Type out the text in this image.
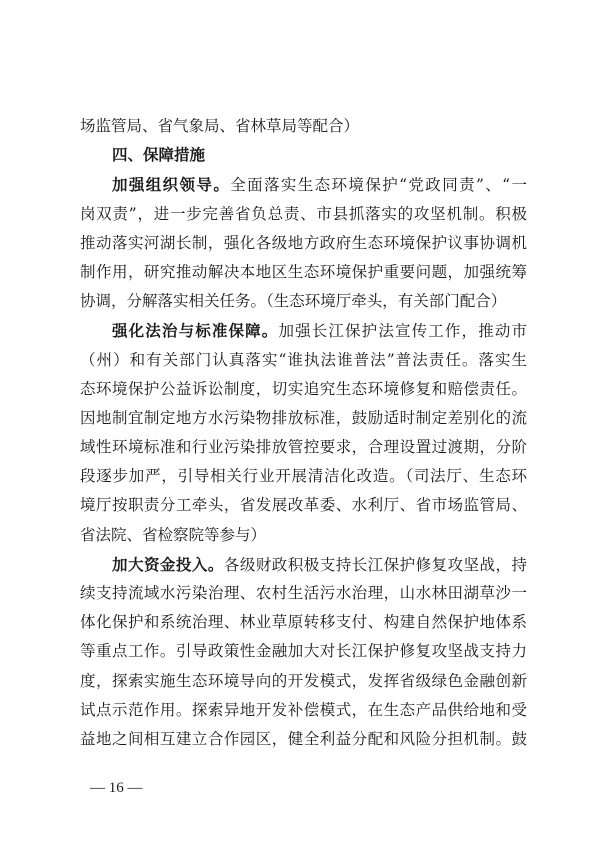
场监管局、省气象局、省林草局等配合）
四、保障措施
加强组织领导。全面落实生态环境保护“党政同责”、“一
岗双责”，进一步完善省负总责、市县抓落实的攻坚机制。积极
推动落实河湖长制，强化各级地方政府生态环境保护议事协调机
制作用，研究推动解决本地区生态环境保护重要问题，加强统筹
协调，分解落实相关任务。（生态环境厅牵头，有关部门配合）
强化法治与标准保障。加强长江保护法宣传工作，推动市
（州）和有关部门认真落实“谁执法谁普法”普法责任。落实生
态环境保护公益诉讼制度，切实追究生态环境修复和赔偿责任。
因地制宜制定地方水污染物排放标准，鼓励适时制定差别化的流
域性环境标准和行业污染排放管控要求，合理设置过渡期，分阶
段逐步加严，引导相关行业开展清洁化改造。（司法厅、生态环
境厅按职责分工牵头，省发展改革委、水利厅、省市场监管局、
省法院、省检察院等参与）
加大资金投入。各级财政积极支持长江保护修复攻坚战，持
续支持流域水污染治理、农村生活污水治理，山水林田湖草沙一
体化保护和系统治理、林业草原转移支付、构建自然保护地体系
等重点工作。引导政策性金融加大对长江保护修复攻坚战支持力
度，探索实施生态环境导向的开发模式，发挥省级绿色金融创新
试点示范作用。探索异地开发补偿模式，在生态产品供给地和受
益地之间相互建立合作园区，健全利益分配和风险分担机制。鼓
— 16 —
